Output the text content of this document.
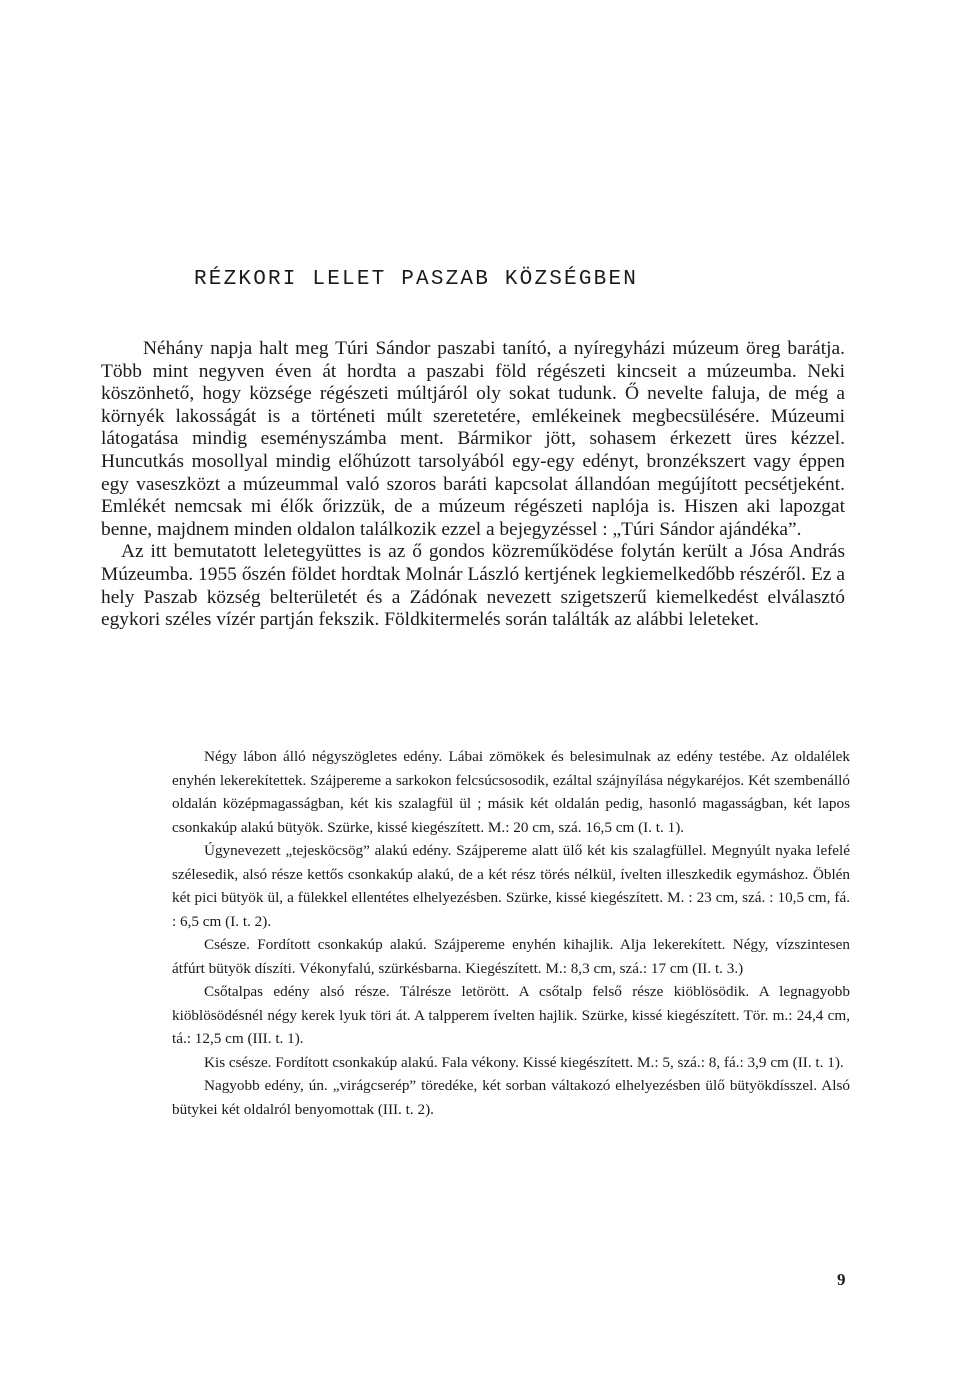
RÉZKORI LELET PASZAB KÖZSÉGBEN

Néhány napja halt meg Túri Sándor paszabi tanító, a nyíregyházi múzeum öreg barátja. Több mint negyven éven át hordta a paszabi föld régészeti kincseit a múzeumba. Neki köszönhető, hogy községe régészeti múltjáról oly sokat tudunk. Ő nevelte faluja, de még a környék lakosságát is a történeti múlt szeretetére, emlékeinek megbecsülésére. Múzeumi látogatása mindig eseményszámba ment. Bármikor jött, sohasem érkezett üres kézzel. Huncutkás mosollyal mindig előhúzott tarsolyából egy-egy edényt, bronzékszert vagy éppen egy vaseszközt a múzeummal való szoros baráti kapcsolat állandóan megújított pecsétjeként. Emlékét nemcsak mi élők őrizzük, de a múzeum régészeti naplója is. Hiszen aki lapozgat benne, majdnem minden oldalon találkozik ezzel a bejegyzéssel : „Túri Sándor ajándéka”.

Az itt bemutatott leletegyüttes is az ő gondos közreműködése folytán került a Jósa András Múzeumba. 1955 őszén földet hordtak Molnár László kertjének legkiemelkedőbb részéről. Ez a hely Paszab község belterületét és a Zádónak nevezett szigetszerű kiemelkedést elválasztó egykori széles vízér partján fekszik. Földkitermelés során találták az alábbi leleteket.

Négy lábon álló négyszögletes edény. Lábai zömökek és belesimulnak az edény testébe. Az oldalélek enyhén lekerekítettek. Szájpereme a sarkokon felcsúcsosodik, ezáltal szájnyílása négykaréjos. Két szembenálló oldalán középmagasságban, két kis szalagfül ül ; másik két oldalán pedig, hasonló magasságban, két lapos csonkakúp alakú bütyök. Szürke, kissé kiegészített. M.: 20 cm, szá. 16,5 cm (I. t. 1).

Úgynevezett „tejesköcsög” alakú edény. Szájpereme alatt ülő két kis szalagfüllel. Megnyúlt nyaka lefelé szélesedik, alsó része kettős csonkakúp alakú, de a két rész törés nélkül, ívelten illeszkedik egymáshoz. Öblén két pici bütyök ül, a fülekkel ellentétes elhelyezésben. Szürke, kissé kiegészített. M. : 23 cm, szá. : 10,5 cm, fá. : 6,5 cm (I. t. 2).

Csésze. Fordított csonkakúp alakú. Szájpereme enyhén kihajlik. Alja lekerekített. Négy, vízszintesen átfúrt bütyök díszíti. Vékonyfalú, szürkésbarna. Kiegészített. M.: 8,3 cm, szá.: 17 cm (II. t. 3.)

Csőtalpas edény alsó része. Tálrésze letörött. A csőtalp felső része kiöblösödik. A legnagyobb kiöblösödésnél négy kerek lyuk töri át. A talpperem ívelten hajlik. Szürke, kissé kiegészített. Tör. m.: 24,4 cm, tá.: 12,5 cm (III. t. 1).

Kis csésze. Fordított csonkakúp alakú. Fala vékony. Kissé kiegészített. M.: 5, szá.: 8, fá.: 3,9 cm (II. t. 1).

Nagyobb edény, ún. „virágcserép” töredéke, két sorban váltakozó elhelyezésben ülő bütyökdísszel. Alsó bütykei két oldalról benyomottak (III. t. 2).

9
